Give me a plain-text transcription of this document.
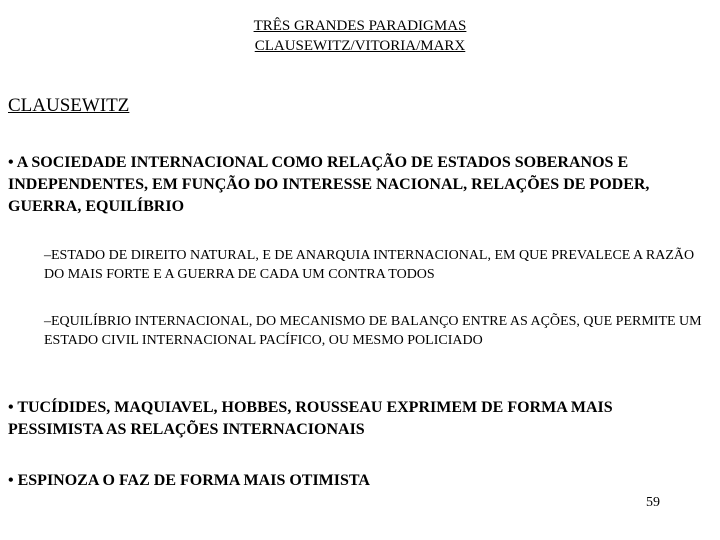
TRÊS GRANDES PARADIGMAS
CLAUSEWITZ/VITORIA/MARX
CLAUSEWITZ
• A SOCIEDADE INTERNACIONAL COMO RELAÇÃO DE ESTADOS SOBERANOS E INDEPENDENTES, EM FUNÇÃO DO INTERESSE NACIONAL, RELAÇÕES DE PODER, GUERRA, EQUILÍBRIO
–ESTADO DE DIREITO NATURAL, E DE ANARQUIA INTERNACIONAL, EM QUE PREVALECE A RAZÃO DO MAIS FORTE E A GUERRA DE CADA UM CONTRA TODOS
–EQUILÍBRIO INTERNACIONAL, DO MECANISMO DE BALANÇO ENTRE AS AÇÕES, QUE PERMITE UM ESTADO CIVIL INTERNACIONAL PACÍFICO, OU MESMO POLICIADO
• TUCÍDIDES, MAQUIAVEL, HOBBES, ROUSSEAU EXPRIMEM DE FORMA MAIS PESSIMISTA AS RELAÇÕES INTERNACIONAIS
• ESPINOZA O FAZ DE FORMA MAIS OTIMISTA
59
